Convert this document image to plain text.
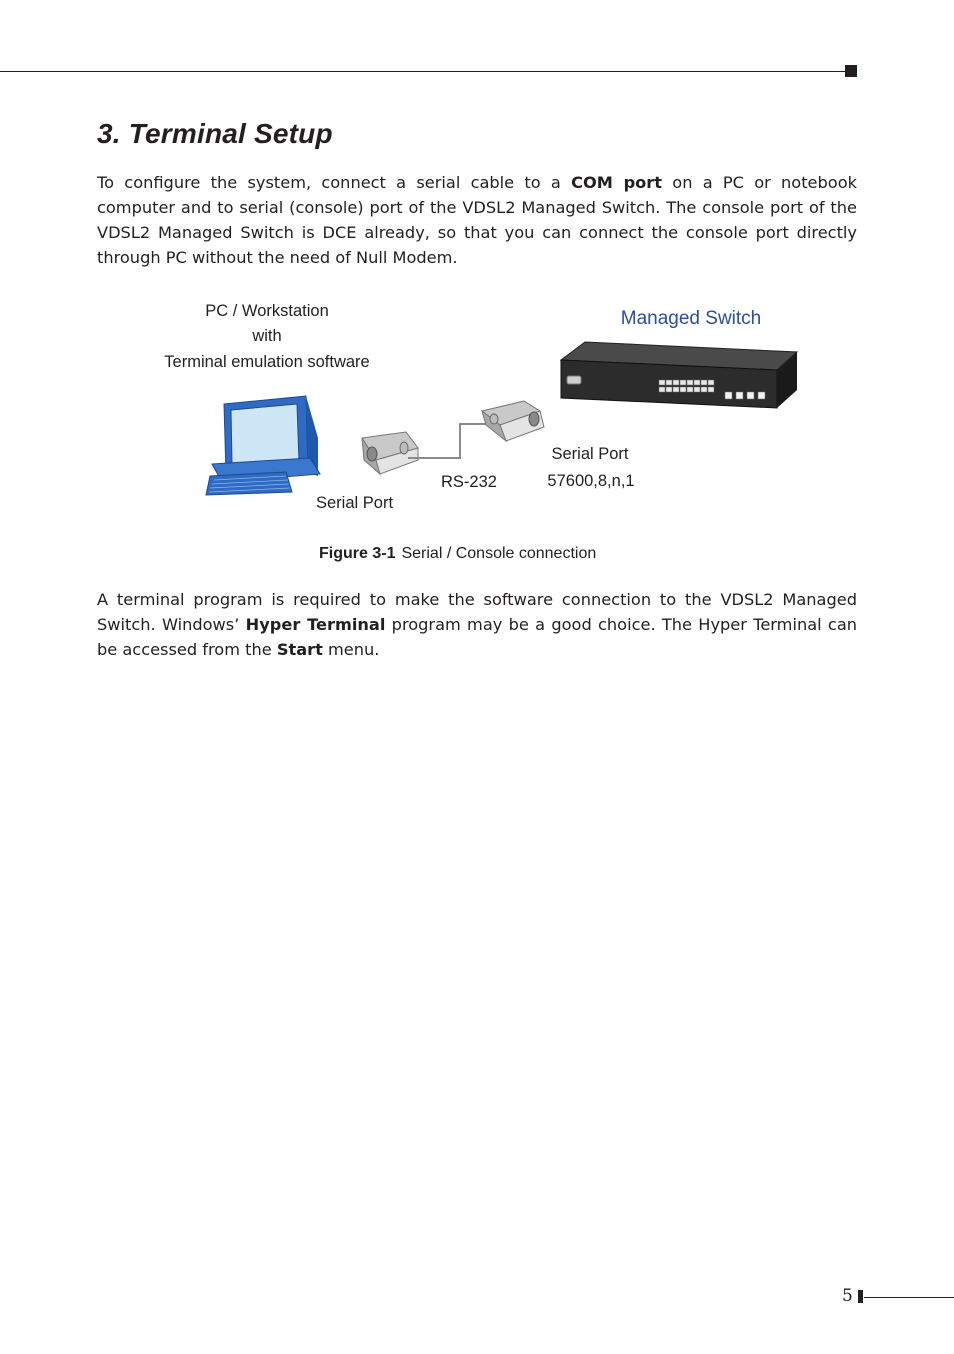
3. Terminal Setup

To configure the system, connect a serial cable to a COM port on a PC or notebook computer and to serial (console) port of the VDSL2 Managed Switch. The console port of the VDSL2 Managed Switch is DCE already, so that you can connect the console port directly through PC without the need of Null Modem.

PC / Workstation
with
Terminal emulation software
Managed Switch
Serial Port
57600,8,n,1
RS-232
Serial Port
Figure 3-1 Serial / Console connection

A terminal program is required to make the software connection to the VDSL2 Managed Switch. Windows’ Hyper Terminal program may be a good choice. The Hyper Terminal can be accessed from the Start menu.

5
